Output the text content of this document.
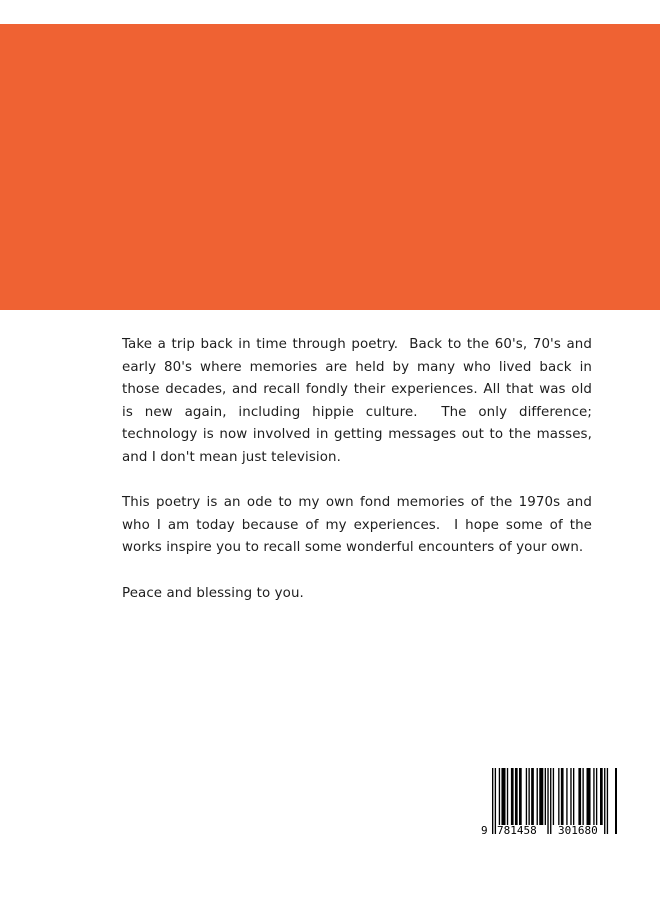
Take a trip back in time through poetry.  Back to the 60's, 70's and early 80's where memories are held by many who lived back in those decades, and recall fondly their experiences. All that was old is new again, including hippie culture.  The only difference; technology is now involved in getting messages out to the masses, and I don't mean just television.

This poetry is an ode to my own fond memories of the 1970s and who I am today because of my experiences.  I hope some of the works inspire you to recall some wonderful encounters of your own.

Peace and blessing to you.

9 781458 301680
